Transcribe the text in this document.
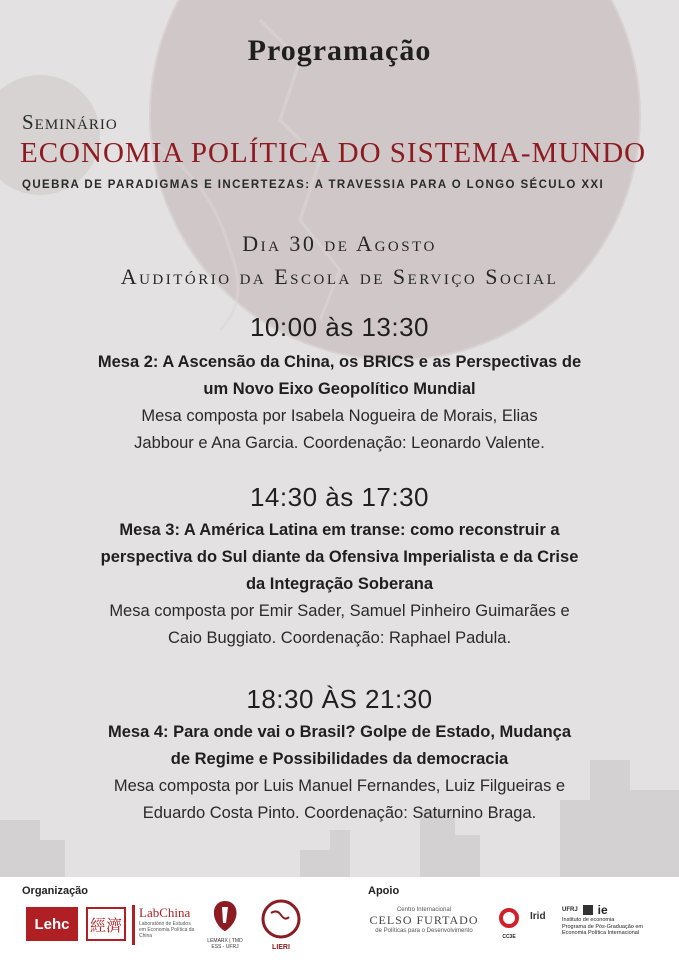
Programação
Seminário
ECONOMIA POLÍTICA DO SISTEMA-MUNDO
QUEBRA DE PARADIGMAS E INCERTEZAS: A TRAVESSIA PARA O LONGO SÉCULO XXI
Dia 30 de Agosto
Auditório da Escola de Serviço Social
10:00 às 13:30
Mesa 2: A Ascensão da China, os BRICS e as Perspectivas de
um Novo Eixo Geopolítico Mundial
Mesa composta por Isabela Nogueira de Morais, Elias
Jabbour e Ana Garcia. Coordenação: Leonardo Valente.
14:30 às 17:30
Mesa 3: A América Latina em transe: como reconstruir a
perspectiva do Sul diante da Ofensiva Imperialista e da Crise
da Integração Soberana
Mesa composta por Emir Sader, Samuel Pinheiro Guimarães e
Caio Buggiato. Coordenação: Raphael Padula.
18:30 ÀS 21:30
Mesa 4: Para onde vai o Brasil? Golpe de Estado, Mudança
de Regime e Possibilidades da democracia
Mesa composta por Luis Manuel Fernandes, Luiz Filgueiras e
Eduardo Costa Pinto. Coordenação: Saturnino Braga.
Organização	Apoio
Lehc	經濟
LabChina
Laboratório de Estudos em Economia Política da China
LEMARX | TMD
ESS - UFRJ	LIERI
Centro Internacional
CELSO FURTADO
de Políticas para o Desenvolvimento
CC3E
Irid
UFRJ ie
Instituto de economia
Programa de Pós-Graduação em
Economia Política Internacional
